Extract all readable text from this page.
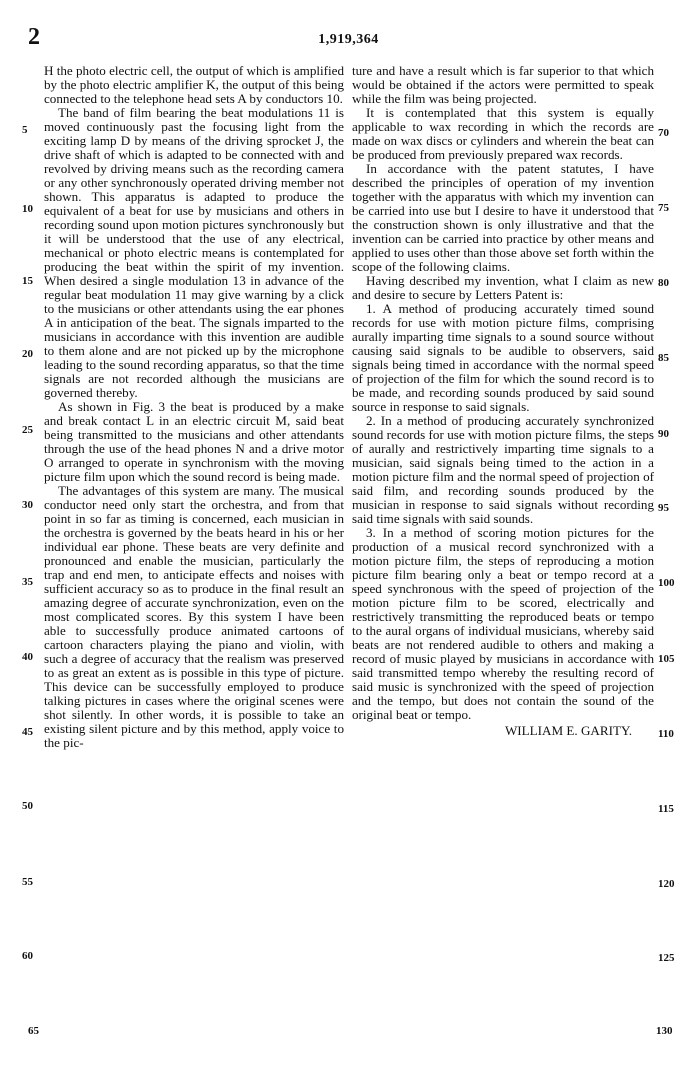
2	1,919,364

H the photo electric cell, the output of which is amplified by the photo electric amplifier K, the output of this being connected to the telephone head sets A by conductors 10.

The band of film bearing the beat modulations 11 is moved continuously past the focusing light from the exciting lamp D by means of the driving sprocket J, the drive shaft of which is adapted to be connected with and revolved by driving means such as the recording camera or any other synchronously operated driving member not shown. This apparatus is adapted to produce the equivalent of a beat for use by musicians and others in recording sound upon motion pictures synchronously but it will be understood that the use of any electrical, mechanical or photo electric means is contemplated for producing the beat within the spirit of my invention. When desired a single modulation 13 in advance of the regular beat modulation 11 may give warning by a click to the musicians or other attendants using the ear phones A in anticipation of the beat. The signals imparted to the musicians in accordance with this invention are audible to them alone and are not picked up by the microphone leading to the sound recording apparatus, so that the time signals are not recorded although the musicians are governed thereby.

As shown in Fig. 3 the beat is produced by a make and break contact L in an electric circuit M, said beat being transmitted to the musicians and other attendants through the use of the head phones N and a drive motor O arranged to operate in synchronism with the moving picture film upon which the sound record is being made.

The advantages of this system are many. The musical conductor need only start the orchestra, and from that point in so far as timing is concerned, each musician in the orchestra is governed by the beats heard in his or her individual ear phone. These beats are very definite and pronounced and enable the musician, particularly the trap and end men, to anticipate effects and noises with sufficient accuracy so as to produce in the final result an amazing degree of accurate synchronization, even on the most complicated scores. By this system I have been able to successfully produce animated cartoons of cartoon characters playing the piano and violin, with such a degree of accuracy that the realism was preserved to as great an extent as is possible in this type of picture. This device can be successfully employed to produce talking pictures in cases where the original scenes were shot silently. In other words, it is possible to take an existing silent picture and by this method, apply voice to the pic-

ture and have a result which is far superior to that which would be obtained if the actors were permitted to speak while the film was being projected.

It is contemplated that this system is equally applicable to wax recording in which the records are made on wax discs or cylinders and wherein the beat can be produced from previously prepared wax records.

In accordance with the patent statutes, I have described the principles of operation of my invention together with the apparatus with which my invention can be carried into use but I desire to have it understood that the construction shown is only illustrative and that the invention can be carried into practice by other means and applied to uses other than those above set forth within the scope of the following claims.

Having described my invention, what I claim as new and desire to secure by Letters Patent is:

1. A method of producing accurately timed sound records for use with motion picture films, comprising aurally imparting time signals to a sound source without causing said signals to be audible to observers, said signals being timed in accordance with the normal speed of projection of the film for which the sound record is to be made, and recording sounds produced by said sound source in response to said signals.

2. In a method of producing accurately synchronized sound records for use with motion picture films, the steps of aurally and restrictively imparting time signals to a musician, said signals being timed to the action in a motion picture film and the normal speed of projection of said film, and recording sounds produced by the musician in response to said signals without recording said time signals with said sounds.

3. In a method of scoring motion pictures for the production of a musical record synchronized with a motion picture film, the steps of reproducing a motion picture film bearing only a beat or tempo record at a speed synchronous with the speed of projection of the motion picture film to be scored, electrically and restrictively transmitting the reproduced beats or tempo to the aural organs of individual musicians, whereby said beats are not rendered audible to others and making a record of music played by musicians in accordance with said transmitted tempo whereby the resulting record of said music is synchronized with the speed of projection and the tempo, but does not contain the sound of the original beat or tempo.

WILLIAM E. GARITY.

5
10
15
20
25
30
35
40
45
50
55
60
70
75
80
85
90
95
100
105
110
115
120
125
65	130
